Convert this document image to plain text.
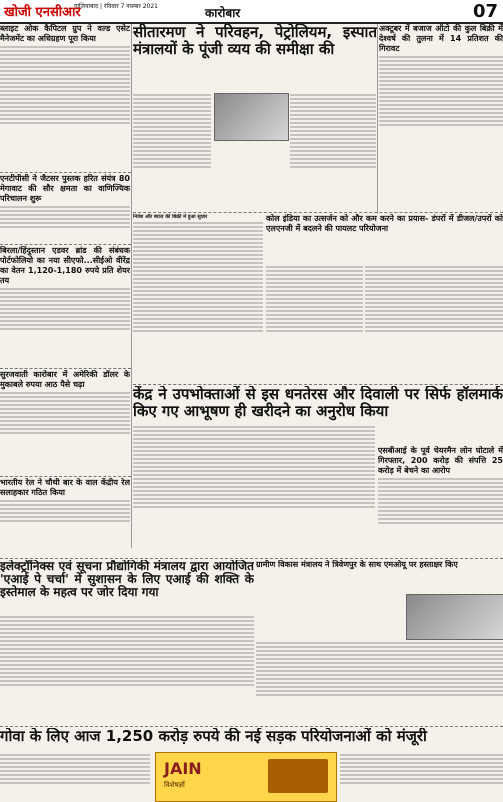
खोजी एनसीआर
गाजियाबाद | रविवार 7 नवम्बर 2021	कारोबार	07
ब्लाइट ओक कैपिटल ग्रुप ने वल्ड एसेट मैनेजमेंट का अधिग्रहण पूरा किया	सीतारमण ने परिवहन, पेट्रोलियम, इस्पात मंत्रालयों के पूंजी व्यय की समीक्षा की
अक्टूबर में बजाज ऑटो की कुल बिक्री में देश्वर्ष की तुलना में 14 प्रतिशत की गिरावट
एनटीपीसी ने जैटसर पुस्तक हरित संयंत्र 80 मेगावाट की सौर क्षमता का वाणिज्यिक परिचालन शुरू
बिरला/हिंदुस्तान एडवर ब्रांड की संबंधक पोर्टफोलियो का नया सीएफो...सीईओ वीरेंद्र का वेतन 1,120-1,180 रुपये प्रति शेयर तय
निवेश और ब्याज की बिक्री में हुआ सुधार	कोल इंडिया का उत्सर्जन को और कम करने का प्रयास- डंपरों में डीजल/उपरों को एलएनजी में बदलने की पायलट परियोजना
सुरजवाती कारोबार में अमेरिकी डॉलर के मुकाबले रुपया आठ पैसे चढ़ा
केंद्र ने उपभोक्ताओं से इस धनतेरस और दिवाली पर सिर्फ हॉलमार्क किए गए आभूषण ही खरीदने का अनुरोध किया
भारतीय रेल ने चौथी बार के वाल केंद्रीय रेल सलाहकार गठित किया
एसबीआई के पूर्व चेयरमैन लोन घोटाले में गिरफ्तार, 200 करोड़ की संपत्ति 25 करोड़ में बेचने का आरोप
इलेक्ट्रॉनिक्स एवं सूचना प्रौद्योगिकी मंत्रालय द्वारा आयोजित 'एआई पे चर्चा' में सुशासन के लिए एआई की शक्ति के इस्तेमाल के महत्व पर जोर दिया गया
ग्रामीण विकास मंत्रालय ने त्रिवेणपुर के साथ एमओयू पर हस्ताक्षर किए
गोवा के लिए आज 1,250 करोड़ रुपये की नई सड़क परियोजनाओं को मंजूरी
JAIN
विशेषज्ञों
